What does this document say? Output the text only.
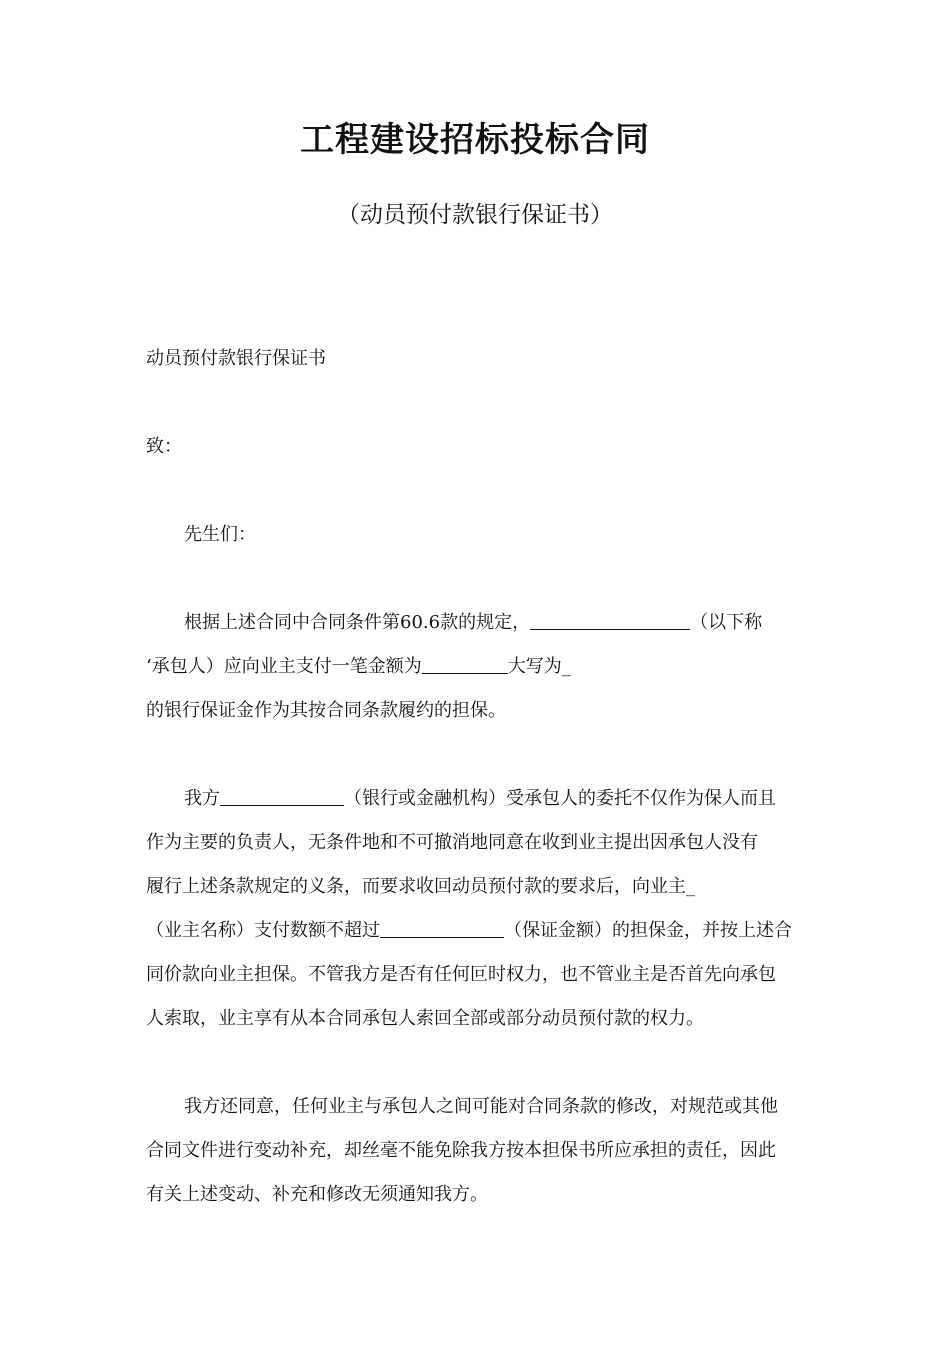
工程建设招标投标合同
（动员预付款银行保证书）
动员预付款银行保证书
致：
先生们：
根据上述合同中合同条件第60.6款的规定，	（以下称
‘承包人）应向业主支付一笔金额为	大写为_
的银行保证金作为其按合同条款履约的担保。
我方	（银行或金融机构）受承包人的委托不仅作为保人而且
作为主要的负责人，无条件地和不可撤消地同意在收到业主提出因承包人没有
履行上述条款规定的义条，而要求收回动员预付款的要求后，向业主_
（业主名称）支付数额不超过	（保证金额）的担保金，并按上述合
同价款向业主担保。不管我方是否有任何叵时权力，也不管业主是否首先向承包
人索取，业主享有从本合同承包人索回全部或部分动员预付款的权力。
我方还同意，任何业主与承包人之间可能对合同条款的修改，对规范或其他
合同文件进行变动补充，却丝毫不能免除我方按本担保书所应承担的责任，因此
有关上述变动、补充和修改无须通知我方。
